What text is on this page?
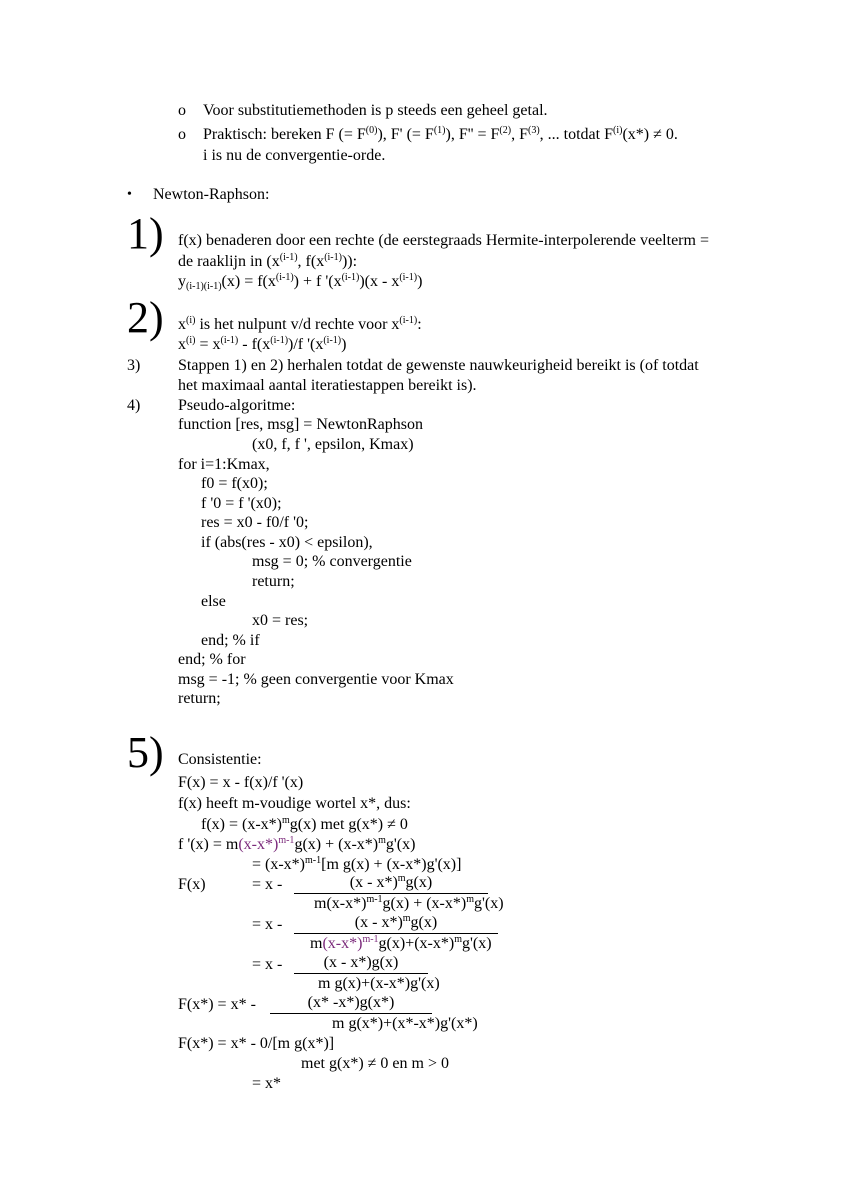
o Voor substitutiemethoden is p steeds een geheel getal.
o Praktisch: bereken F (= $F^{(0)}$), F' (= $F^{(1)}$), $F'' = F^{(2)}$, $F^{(3)}$, ... totdat $F^{(i)}(x*) \ne 0$.
i is nu de convergentie-orde.
• Newton-Raphson:
1) f(x) benaderen door een rechte (de eerstegraads Hermite-interpolerende veelterm =
de raaklijn in ($x^{(i-1)}$, $f(x^{(i-1)})$):
$y_{(i-1)(i-1)}(x) = f(x^{(i-1)}) + f$ '$(x^{(i-1)})(x - x^{(i-1)})$
2) $x^{(i)}$ is het nulpunt v/d rechte voor $x^{(i-1)}$:
$x^{(i)} = x^{(i-1)} - f(x^{(i-1)})/f$ '$(x^{(i-1)})$
3) Stappen 1) en 2) herhalen totdat de gewenste nauwkeurigheid bereikt is (of totdat
het maximaal aantal iteratiestappen bereikt is).
4) Pseudo-algoritme:
function [res, msg] = NewtonRaphson
(x0, f, f ', epsilon, Kmax)
for i=1:Kmax,
f0 = f(x0);
f '0 = f '(x0);
res = x0 - f0/f '0;
if (abs(res - x0) < epsilon),
msg = 0; % convergentie
return;
else
x0 = res;
end; % if
end; % for
msg = -1; % geen convergentie voor Kmax
return;
5) Consistentie:
F(x) = x - f(x)/f '(x)
f(x) heeft m-voudige wortel x*, dus:
$f(x) = (x-x*)^mg(x)$ met g(x*) ≠ 0
f '$(x) = m(x-x*)^{m-1}g(x) + (x-x*)^mg'(x)$
= $(x-x*)^{m-1}[m$ g(x) + (x-x*)g'(x)]
F(x)	= x -	(x - x*)$^m$g(x)
$m(x-x*)^{m-1}g(x) + (x-x*)^mg'(x)$
= x -	(x - x*)$^m$g(x)
$m(x-x*)^{m-1}g(x)+(x-x*)^mg'(x)$
= x -	(x - x*)g(x)
m g(x)+(x-x*)g'(x)
F(x*) = x* -	(x* -x*)g(x*)
m g(x*)+(x*-x*)g'(x*)
F(x*) = x* - 0/[m g(x*)]
met g(x*) ≠ 0 en m > 0
= x*
